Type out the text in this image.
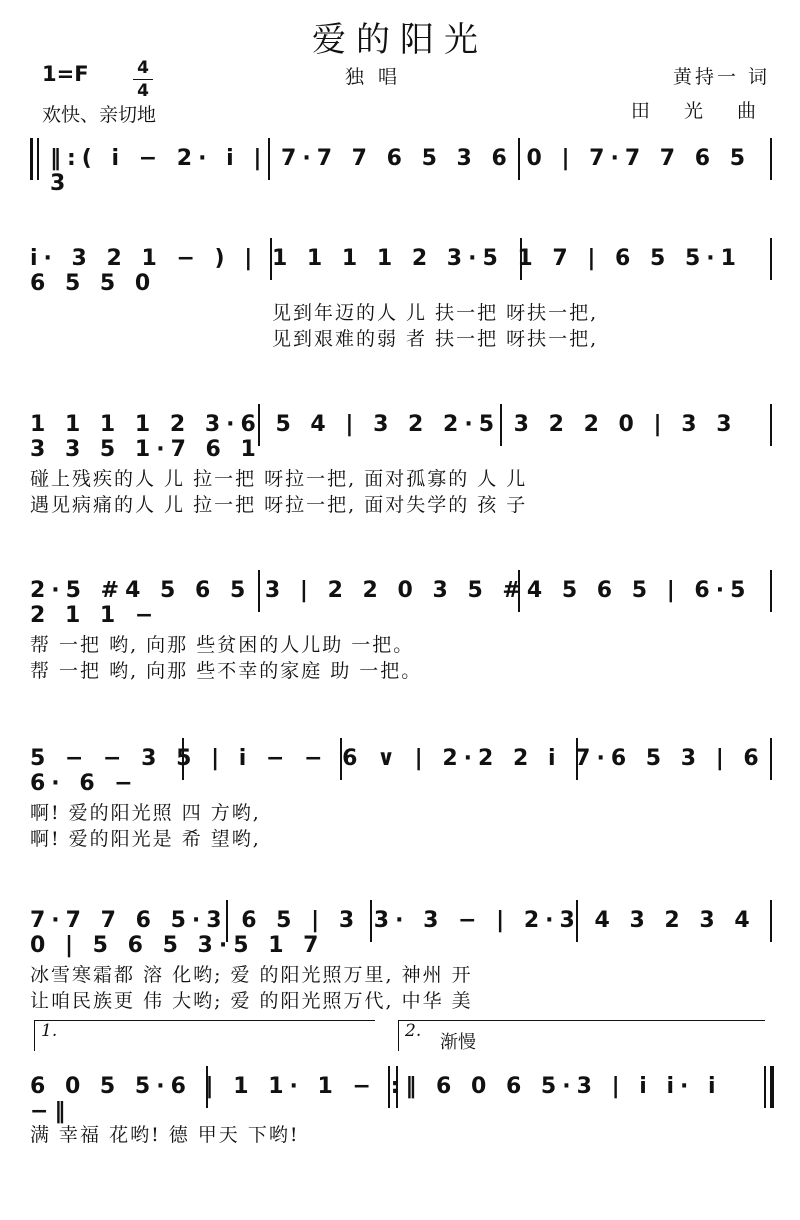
爱的阳光
1=F	4
4
独唱	黄持一 词
田 光 曲
欢快、亲切地
‖:( i − 2· i | 7·7 7 6 5 3 6 0 | 7·7 7 6 5 3
i· 3 2 1 − ) | 1 1 1 1 2 3·5 1 7 | 6 5 5·1 6 5 5 0
见到年迈的人 儿 扶一把 呀扶一把,
见到艰难的弱 者 扶一把 呀扶一把,
1 1 1 1 2 3·6 5 4 | 3 2 2·5 3 2 2 0 | 3 3 3 3 5 1·7 6 1
碰上残疾的人 儿 拉一把 呀拉一把, 面对孤寡的 人 儿
遇见病痛的人 儿 拉一把 呀拉一把, 面对失学的 孩 子
2·5 #4 5 6 5 3 | 2 2 0 3 5 #4 5 6 5 | 6·5 2 1 1 −
帮 一把 哟, 向那 些贫困的人儿助 一把。
帮 一把 哟, 向那 些不幸的家庭 助 一把。
5 − − 3 5 | i − − 6 ∨ | 2·2 2 i 7·6 5 3 | 6 6· 6 −
啊! 爱的阳光照 四 方哟,
啊! 爱的阳光是 希 望哟,
7·7 7 6 5·3 6 5 | 3 3· 3 − | 2·3 4 3 2 3 4 0 | 5 6 5 3·5 1 7
冰雪寒霜都 溶 化哟; 爱 的阳光照万里, 神州 开
让咱民族更 伟 大哟; 爱 的阳光照万代, 中华 美
1.	2.
渐慢
6 0 5 5·6 | 1 1· 1 − :‖ 6 0 6 5·3 | i i· i −‖
满 幸福 花哟! 德 甲天 下哟!
